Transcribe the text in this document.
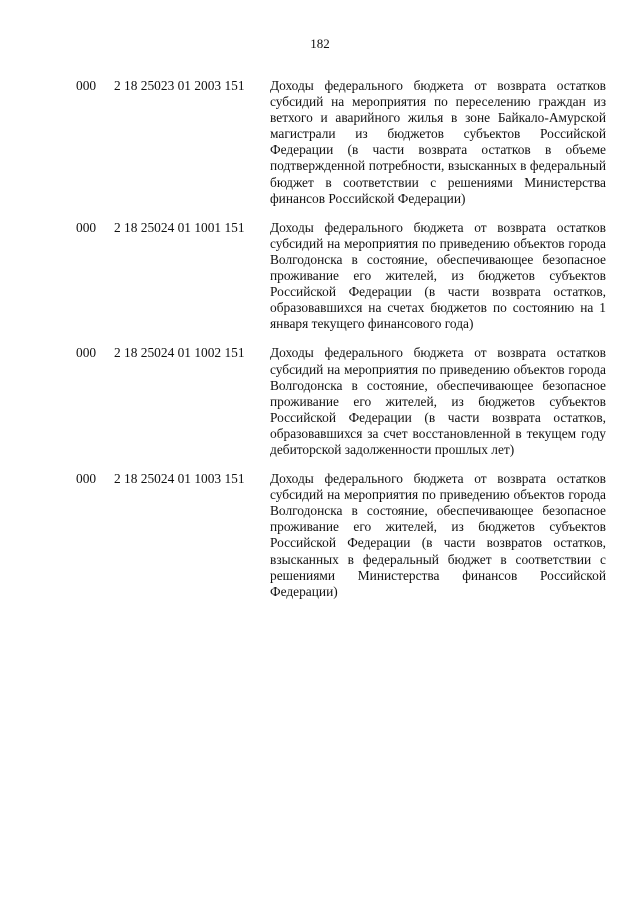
182
000	2 18 25023 01 2003 151	Доходы федерального бюджета от возврата остатков субсидий на мероприятия по переселению граждан из ветхого и аварийного жилья в зоне Байкало-Амурской магистрали из бюджетов субъектов Российской Федерации (в части возврата остатков в объеме подтвержденной потребности, взысканных в федеральный бюджет в соответствии с решениями Министерства финансов Российской Федерации)

000	2 18 25024 01 1001 151	Доходы федерального бюджета от возврата остатков субсидий на мероприятия по приведению объектов города Волгодонска в состояние, обеспечивающее безопасное проживание его жителей, из бюджетов субъектов Российской Федерации (в части возврата остатков, образовавшихся на счетах бюджетов по состоянию на 1 января текущего финансового года)

000	2 18 25024 01 1002 151	Доходы федерального бюджета от возврата остатков субсидий на мероприятия по приведению объектов города Волгодонска в состояние, обеспечивающее безопасное проживание его жителей, из бюджетов субъектов Российской Федерации (в части возврата остатков, образовавшихся за счет восстановленной в текущем году дебиторской задолженности прошлых лет)

000	2 18 25024 01 1003 151	Доходы федерального бюджета от возврата остатков субсидий на мероприятия по приведению объектов города Волгодонска в состояние, обеспечивающее безопасное проживание его жителей, из бюджетов субъектов Российской Федерации (в части возвратов остатков, взысканных в федеральный бюджет в соответствии с решениями Министерства финансов Российской Федерации)
